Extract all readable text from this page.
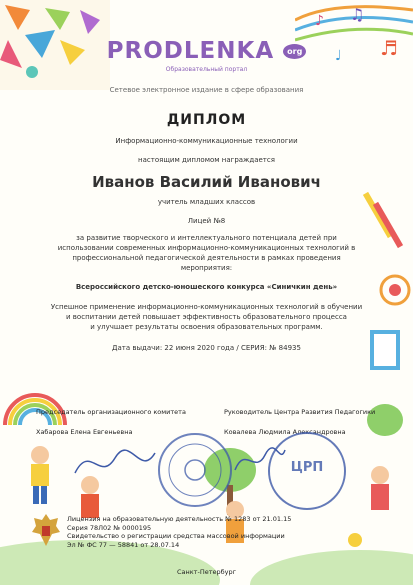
♪ ♫
♬
♩
PRODLENKA org
Образовательный портал
Сетевое электронное издание в сфере образования
ДИПЛОМ
Информационно-коммуникационные технологии
настоящим дипломом награждается
Иванов Василий Иванович
учитель младших классов
Лицей №8
за развитие творческого и интеллектуального потенциала детей при
использовании современных информационно-коммуникационных технологий в
профессиональной педагогической деятельности в рамках проведения
мероприятия:
Всероссийского детско-юношеского конкурса «Синичкин день»
Успешное применение информационно-коммуникационных технологий в обучении
и воспитании детей повышает эффективность образовательного процесса
и улучшает результаты освоения образовательных программ.
Дата выдачи: 22 июня 2020 года / СЕРИЯ: № 84935
Председатель организационного комитета
Хабарова Елена Евгеньевна
Руководитель Центра Развития Педагогики
Ковалева Людмила Александровна
ЦРП
Лицензия на образовательную деятельность № 1283 от 21.01.15
Серия 78Л02 № 0000195
Свидетельство о регистрации средства массовой информации
Эл № ФС 77 — 58841 от 28.07.14
Санкт-Петербург
